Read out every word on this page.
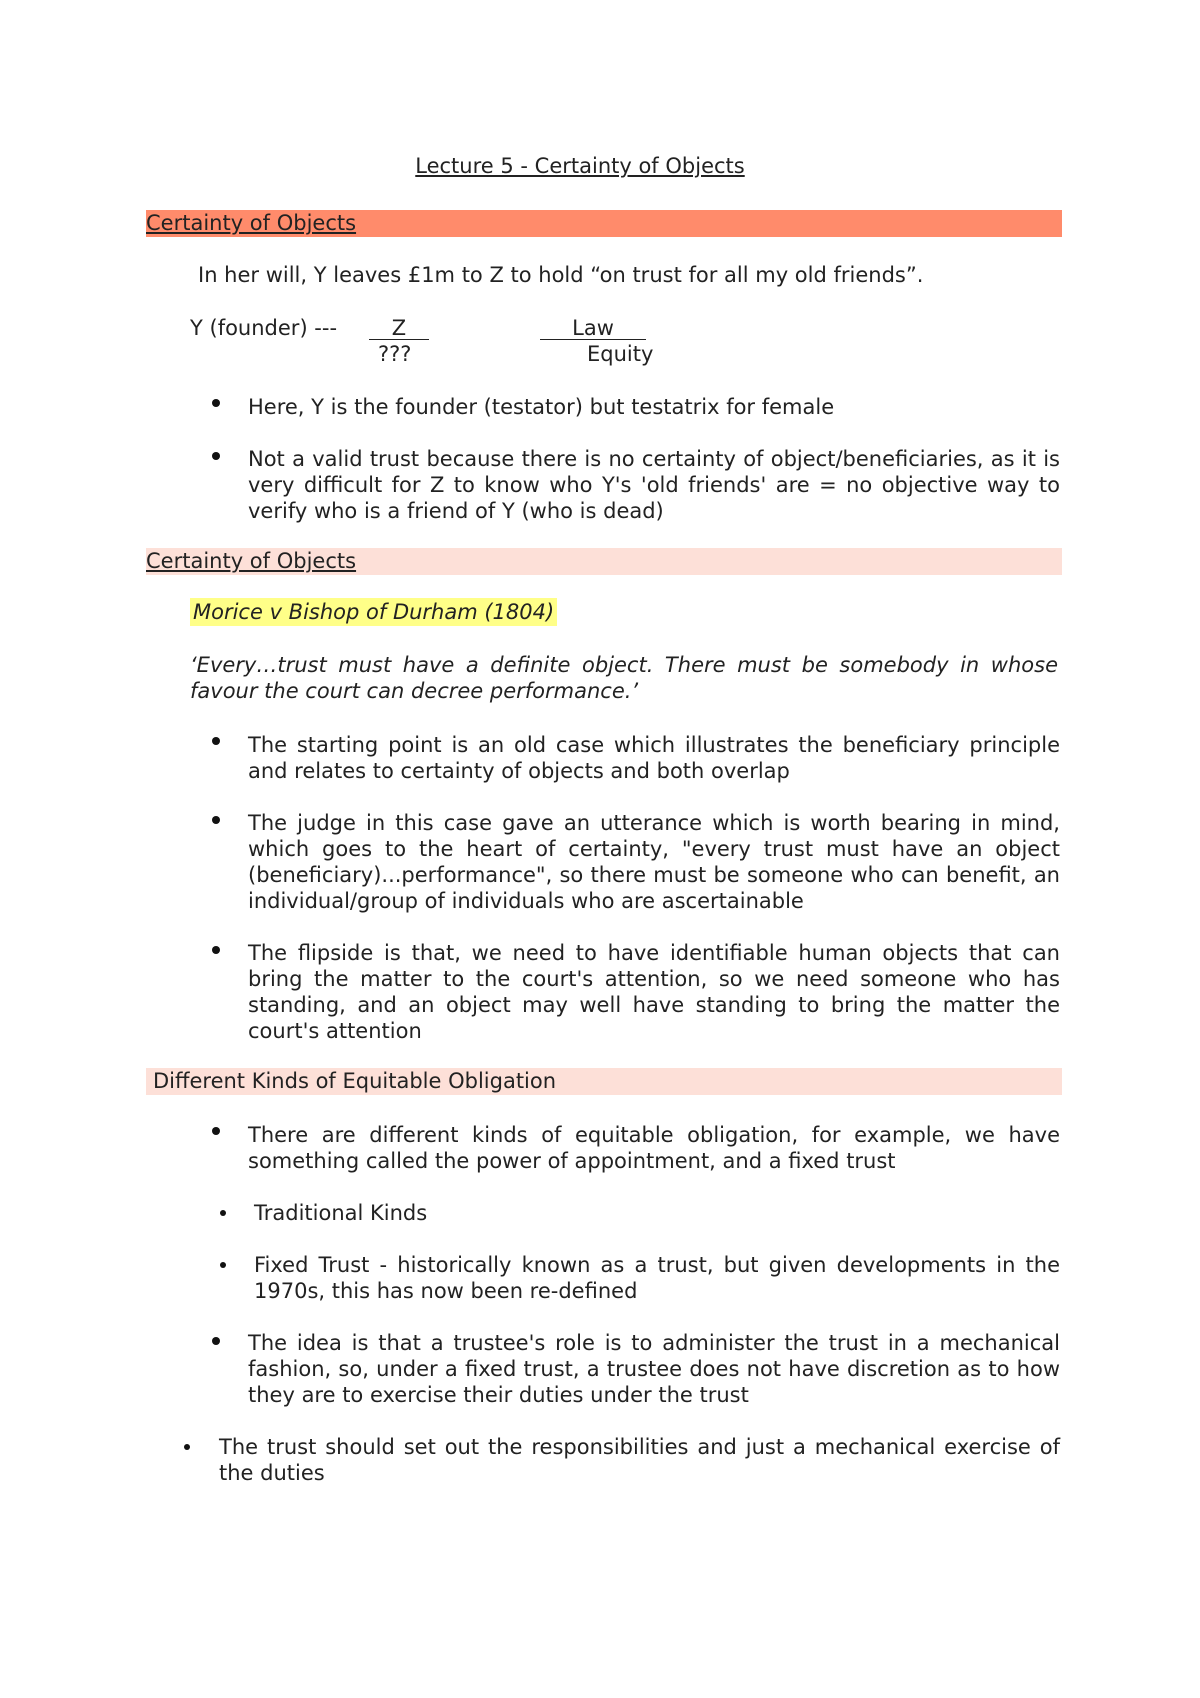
Lecture 5 - Certainty of Objects
Certainty of Objects
In her will, Y leaves £1m to Z to hold “on trust for all my old friends”.
Y (founder) ---	Z
???
Law
Equity
Here, Y is the founder (testator) but testatrix for female
Not a valid trust because there is no certainty of object/beneficiaries, as it is very difficult for Z to know who Y's 'old friends' are = no objective way to verify who is a friend of Y (who is dead)
Certainty of Objects
Morice v Bishop of Durham (1804)
‘Every…trust must have a definite object. There must be somebody in whose favour the court can decree performance.’
The starting point is an old case which illustrates the beneficiary principle and relates to certainty of objects and both overlap
The judge in this case gave an utterance which is worth bearing in mind, which goes to the heart of certainty, "every trust must have an object (beneficiary)...performance", so there must be someone who can benefit, an individual/group of individuals who are ascertainable
The flipside is that, we need to have identifiable human objects that can bring the matter to the court's attention, so we need someone who has standing, and an object may well have standing to bring the matter the court's attention
Different Kinds of Equitable Obligation
There are different kinds of equitable obligation, for example, we have something called the power of appointment, and a fixed trust
Traditional Kinds
Fixed Trust - historically known as a trust, but given developments in the 1970s, this has now been re-defined
The idea is that a trustee's role is to administer the trust in a mechanical fashion, so, under a fixed trust, a trustee does not have discretion as to how they are to exercise their duties under the trust
The trust should set out the responsibilities and just a mechanical exercise of the duties
